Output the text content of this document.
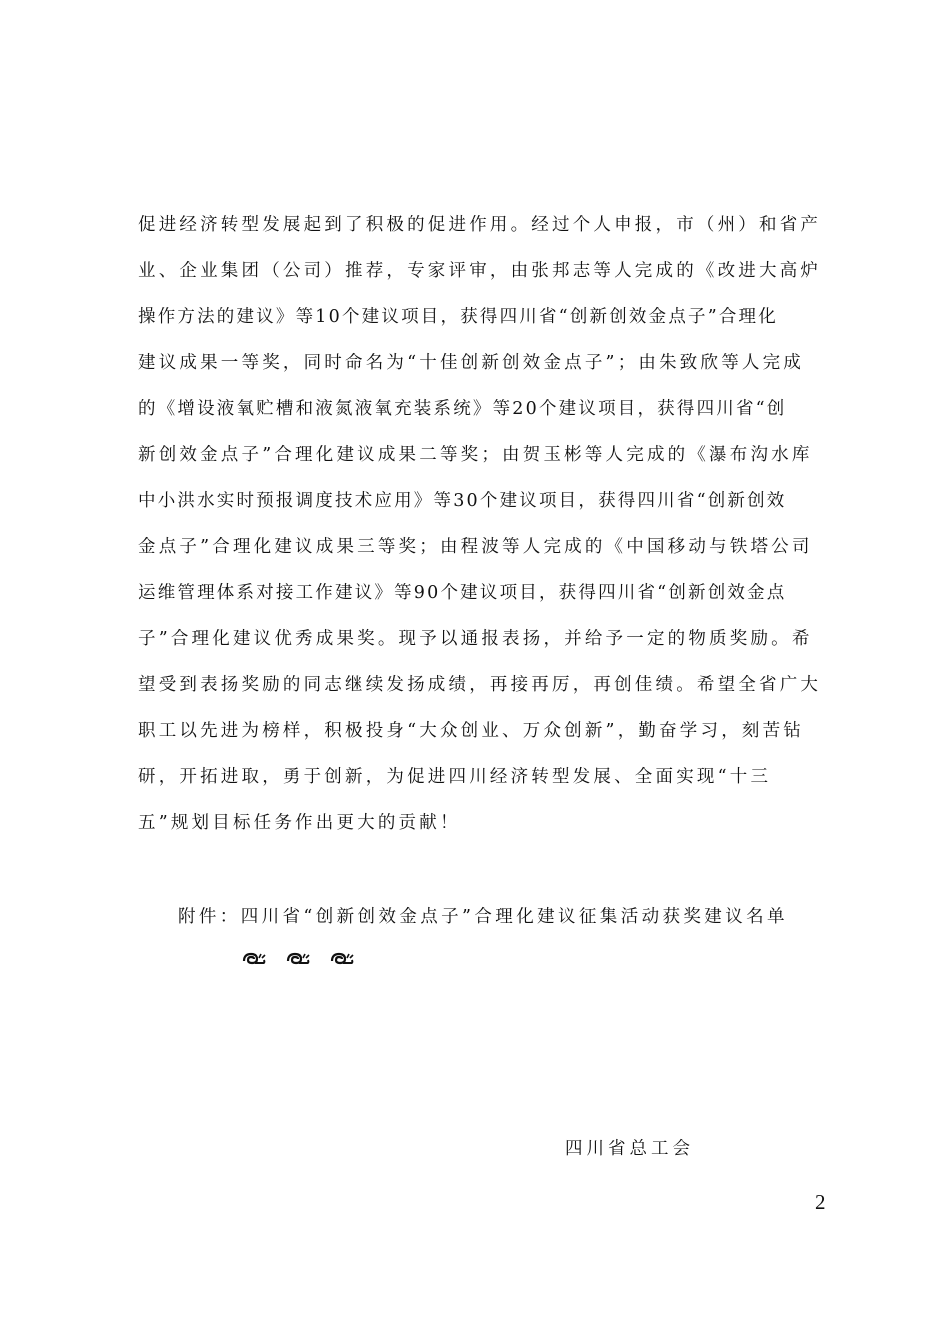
促进经济转型发展起到了积极的促进作用。经过个人申报，市（州）和省产
业、企业集团（公司）推荐，专家评审，由张邦志等人完成的《改进大高炉
操作方法的建议》等10个建议项目，获得四川省“创新创效金点子”合理化
建议成果一等奖，同时命名为“十佳创新创效金点子”；由朱致欣等人完成
的《增设液氧贮槽和液氮液氧充装系统》等20个建议项目，获得四川省“创
新创效金点子”合理化建议成果二等奖；由贺玉彬等人完成的《瀑布沟水库
中小洪水实时预报调度技术应用》等30个建议项目，获得四川省“创新创效
金点子”合理化建议成果三等奖；由程波等人完成的《中国移动与铁塔公司
运维管理体系对接工作建议》等90个建议项目，获得四川省“创新创效金点
子”合理化建议优秀成果奖。现予以通报表扬，并给予一定的物质奖励。希
望受到表扬奖励的同志继续发扬成绩，再接再厉，再创佳绩。希望全省广大
职工以先进为榜样，积极投身“大众创业、万众创新”，勤奋学习，刻苦钻
研，开拓进取，勇于创新，为促进四川经济转型发展、全面实现“十三
五”规划目标任务作出更大的贡献！
附件：四川省“创新创效金点子”合理化建议征集活动获奖建议名单
四川省总工会
2
